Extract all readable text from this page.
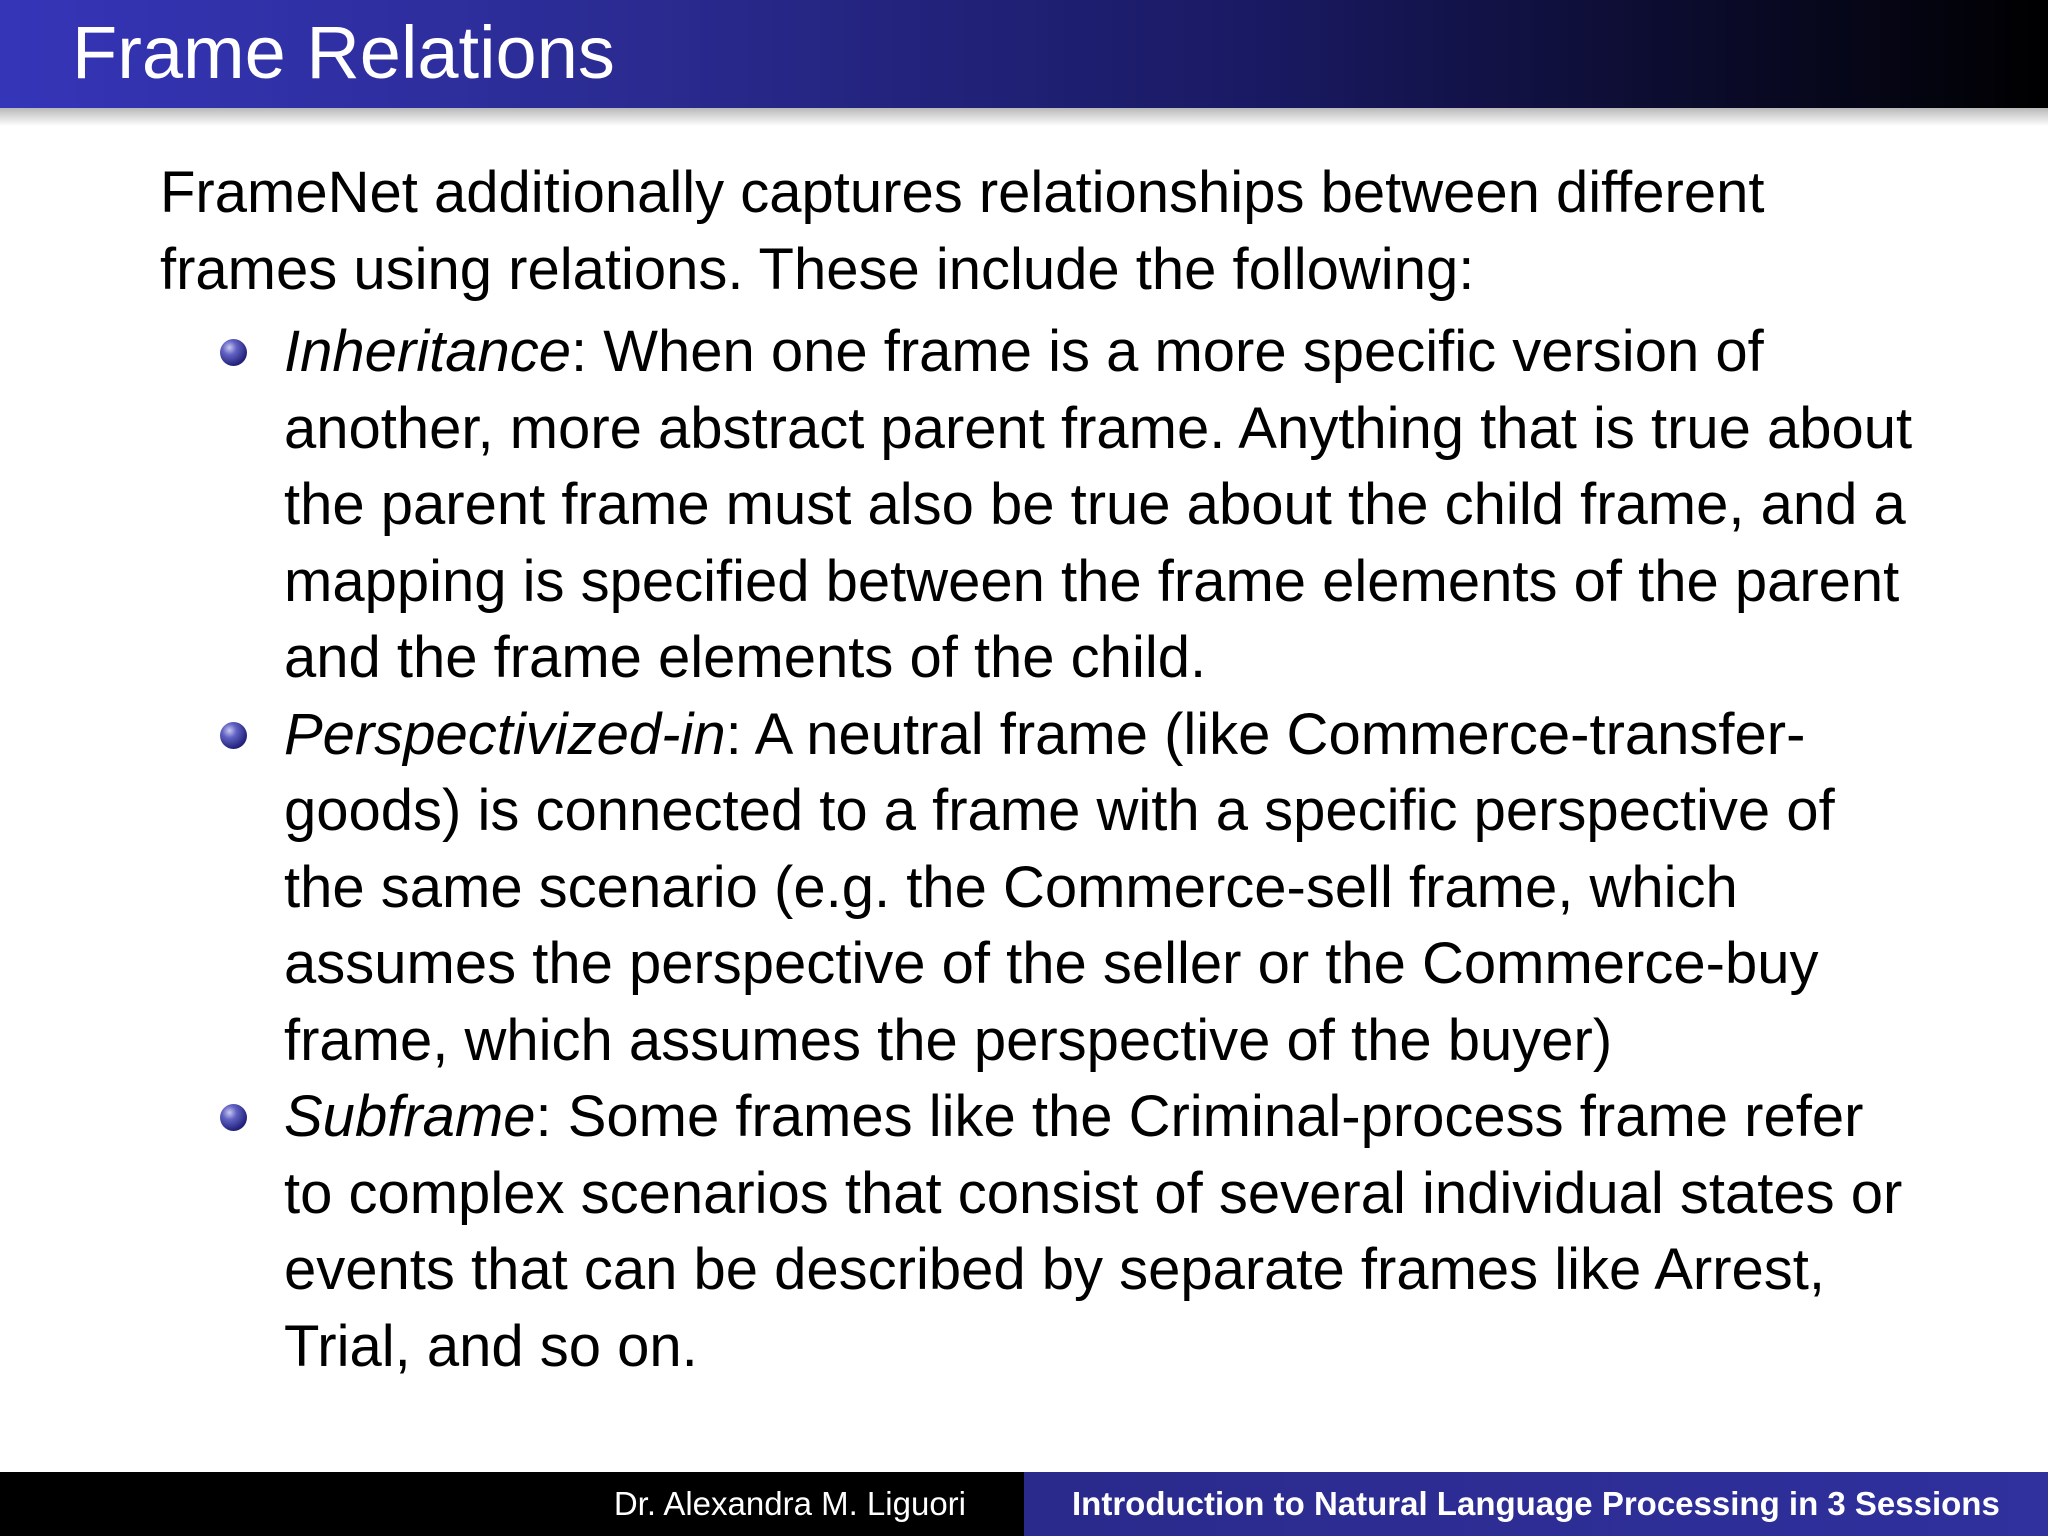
Frame Relations

FrameNet additionally captures relationships between different frames using relations. These include the following:

Inheritance: When one frame is a more specific version of another, more abstract parent frame. Anything that is true about the parent frame must also be true about the child frame, and a mapping is specified between the frame elements of the parent and the frame elements of the child.
Perspectivized-in: A neutral frame (like Commerce-transfer-goods) is connected to a frame with a specific perspective of the same scenario (e.g. the Commerce-sell frame, which assumes the perspective of the seller or the Commerce-buy frame, which assumes the perspective of the buyer)
Subframe: Some frames like the Criminal-process frame refer to complex scenarios that consist of several individual states or events that can be described by separate frames like Arrest, Trial, and so on.
Dr. Alexandra M. Liguori	Introduction to Natural Language Processing in 3 Sessions
